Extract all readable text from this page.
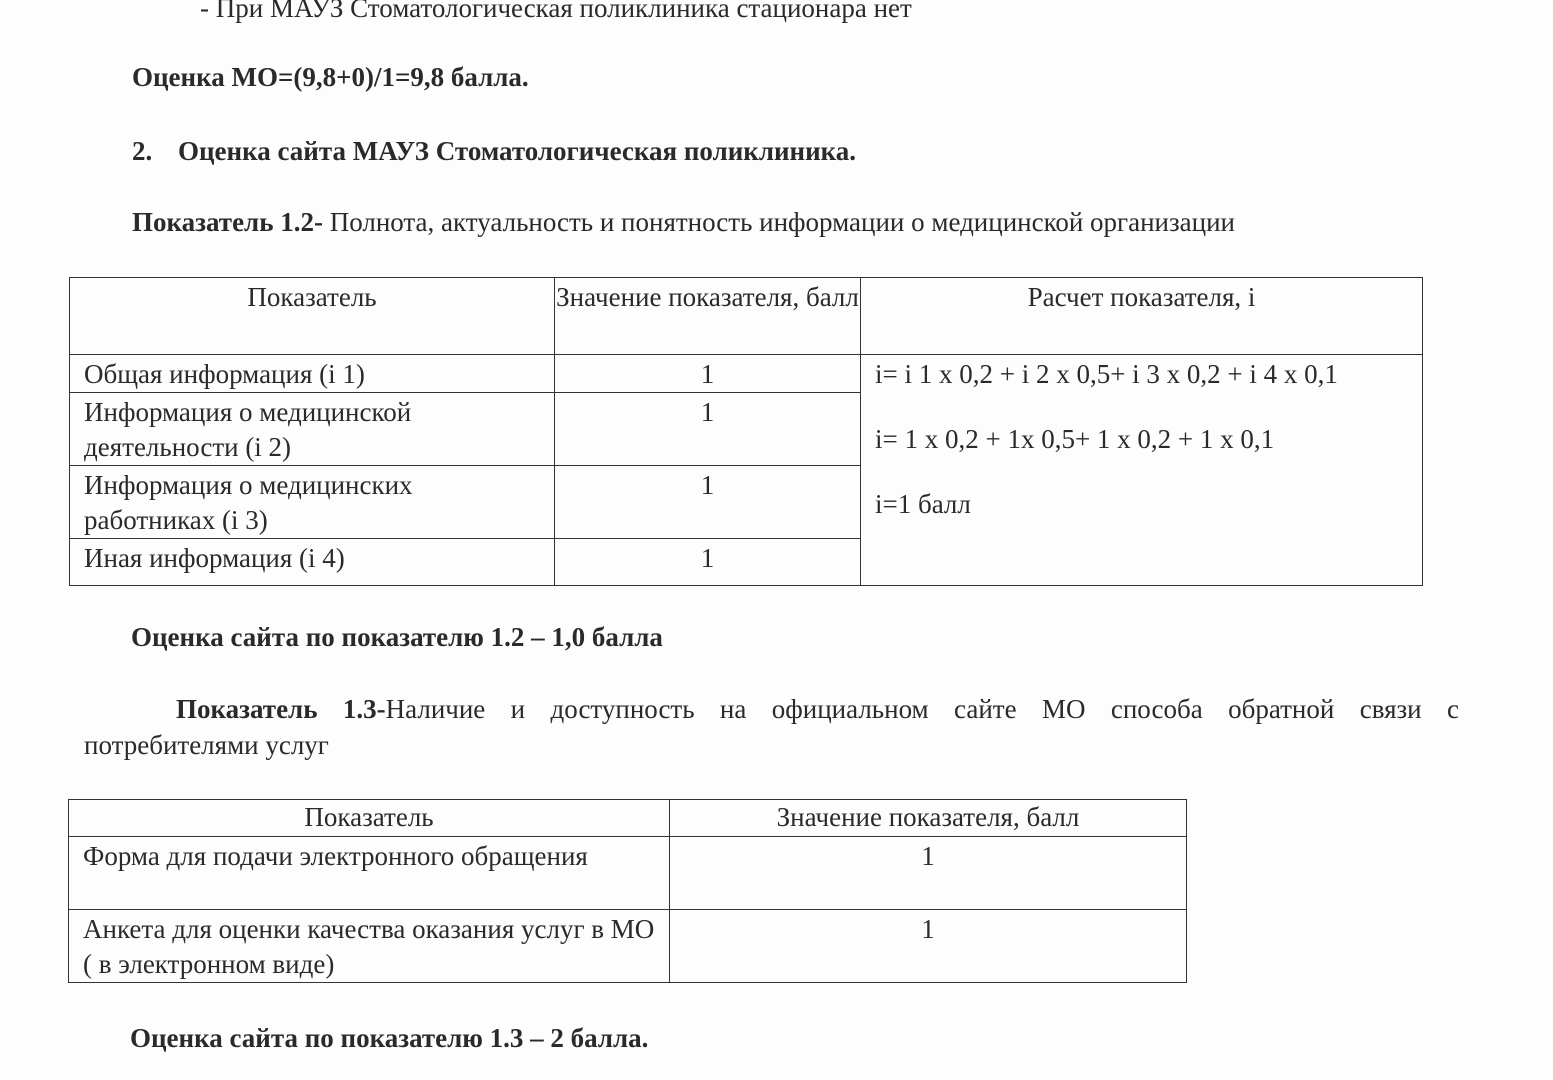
- При МАУЗ Стоматологическая поликлиника стационара нет
Оценка МО=(9,8+0)/1=9,8 балла.
2. Оценка сайта МАУЗ Стоматологическая поликлиника.
Показатель 1.2- Полнота, актуальность и понятность информации о медицинской организации
Показатель	Значение показателя, балл	Расчет показателя, i
Общая информация (i 1)	1	i= i 1 x 0,2 + i 2 x 0,5+ i 3 x 0,2 + i 4 x 0,1
i= 1 x 0,2 + 1x 0,5+ 1 x 0,2 + 1 x 0,1
i=1 балл

Информация о медицинской деятельности (i 2)	1	
Информация о медицинских работниках (i 3)	1	
Иная информация (i 4)	1	
Оценка сайта по показателю 1.2 – 1,0 балла
Показатель 1.3-Наличие и доступность на официальном сайте МО способа обратной связи с
потребителями услуг
Показатель	Значение показателя, балл
Форма для подачи электронного обращения	1
Анкета для оценки качества оказания услуг в МО ( в электронном виде)	1
Оценка сайта по показателю 1.3 – 2 балла.
